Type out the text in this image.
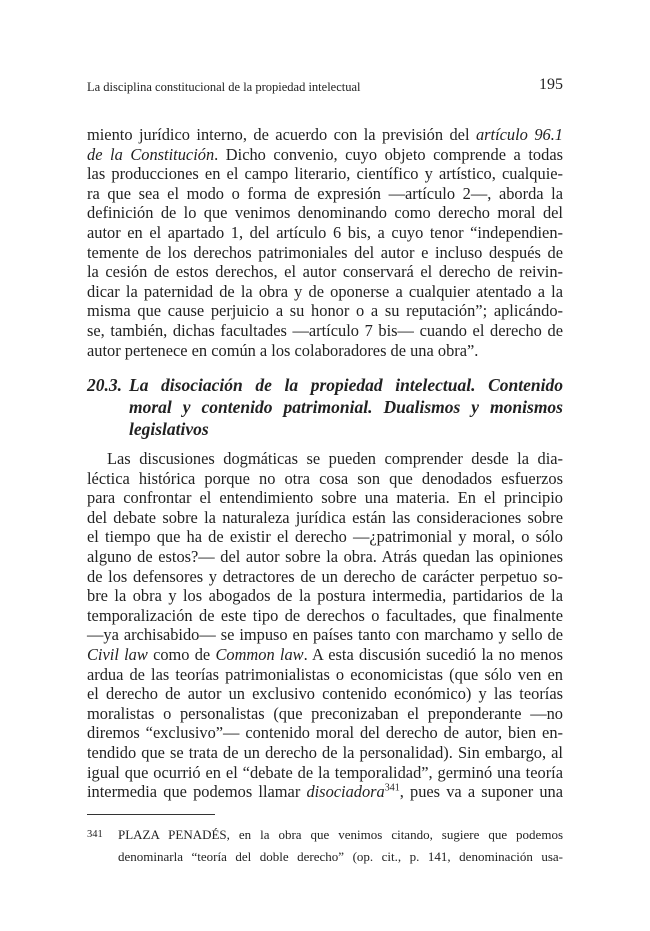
La disciplina constitucional de la propiedad intelectual	195
miento jurídico interno, de acuerdo con la previsión del artículo 96.1
de la Constitución. Dicho convenio, cuyo objeto comprende a todas
las producciones en el campo literario, científico y artístico, cualquie-
ra que sea el modo o forma de expresión —artículo 2—, aborda la
definición de lo que venimos denominando como derecho moral del
autor en el apartado 1, del artículo 6 bis, a cuyo tenor “independien-
temente de los derechos patrimoniales del autor e incluso después de
la cesión de estos derechos, el autor conservará el derecho de reivin-
dicar la paternidad de la obra y de oponerse a cualquier atentado a la
misma que cause perjuicio a su honor o a su reputación”; aplicándo-
se, también, dichas facultades —artículo 7 bis— cuando el derecho de
autor pertenece en común a los colaboradores de una obra”.
20.3. La disociación de la propiedad intelectual. Contenido
moral y contenido patrimonial. Dualismos y monismos
legislativos
Las discusiones dogmáticas se pueden comprender desde la dia-
léctica histórica porque no otra cosa son que denodados esfuerzos
para confrontar el entendimiento sobre una materia. En el principio
del debate sobre la naturaleza jurídica están las consideraciones sobre
el tiempo que ha de existir el derecho —¿patrimonial y moral, o sólo
alguno de estos?— del autor sobre la obra. Atrás quedan las opiniones
de los defensores y detractores de un derecho de carácter perpetuo so-
bre la obra y los abogados de la postura intermedia, partidarios de la
temporalización de este tipo de derechos o facultades, que finalmente
—ya archisabido— se impuso en países tanto con marchamo y sello de
Civil law como de Common law. A esta discusión sucedió la no menos
ardua de las teorías patrimonialistas o economicistas (que sólo ven en
el derecho de autor un exclusivo contenido económico) y las teorías
moralistas o personalistas (que preconizaban el preponderante —no
diremos “exclusivo”— contenido moral del derecho de autor, bien en-
tendido que se trata de un derecho de la personalidad). Sin embargo, al
igual que ocurrió en el “debate de la temporalidad”, germinó una teoría
intermedia que podemos llamar disociadora$^{341}$, pues va a suponer una
341	PLAZA PENADÉS, en la obra que venimos citando, sugiere que podemos
denominarla “teoría del doble derecho” (op. cit., p. 141, denominación usa-
